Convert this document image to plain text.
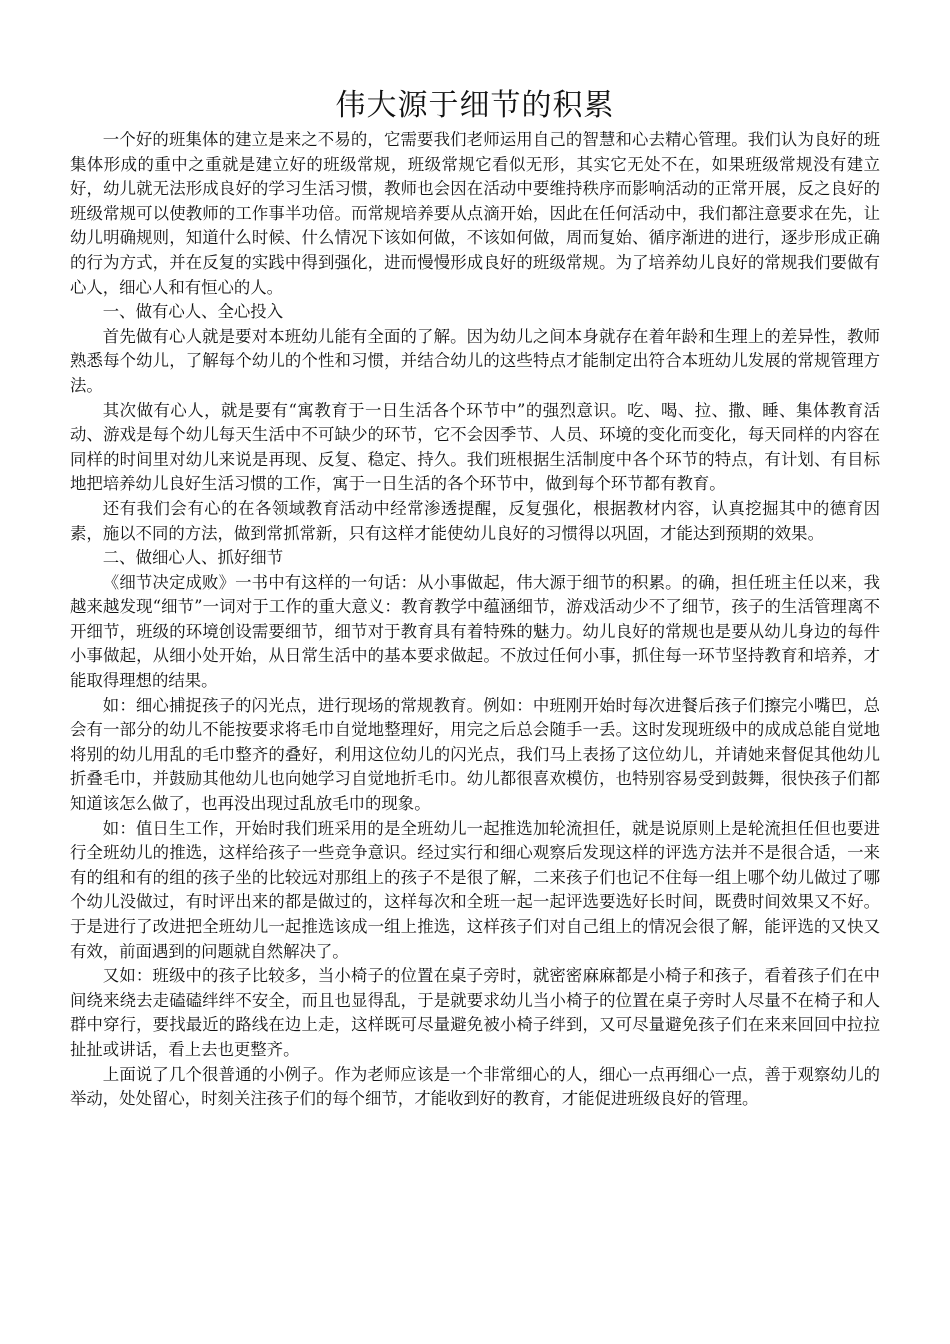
伟大源于细节的积累

一个好的班集体的建立是来之不易的，它需要我们老师运用自己的智慧和心去精心管理。我们认为良好的班集体形成的重中之重就是建立好的班级常规，班级常规它看似无形，其实它无处不在，如果班级常规没有建立好，幼儿就无法形成良好的学习生活习惯，教师也会因在活动中要维持秩序而影响活动的正常开展，反之良好的班级常规可以使教师的工作事半功倍。而常规培养要从点滴开始，因此在任何活动中，我们都注意要求在先，让幼儿明确规则，知道什么时候、什么情况下该如何做，不该如何做，周而复始、循序渐进的进行，逐步形成正确的行为方式，并在反复的实践中得到强化，进而慢慢形成良好的班级常规。为了培养幼儿良好的常规我们要做有心人，细心人和有恒心的人。

一、做有心人、全心投入

首先做有心人就是要对本班幼儿能有全面的了解。因为幼儿之间本身就存在着年龄和生理上的差异性，教师熟悉每个幼儿，了解每个幼儿的个性和习惯，并结合幼儿的这些特点才能制定出符合本班幼儿发展的常规管理方法。

其次做有心人，就是要有“寓教育于一日生活各个环节中”的强烈意识。吃、喝、拉、撒、睡、集体教育活动、游戏是每个幼儿每天生活中不可缺少的环节，它不会因季节、人员、环境的变化而变化，每天同样的内容在同样的时间里对幼儿来说是再现、反复、稳定、持久。我们班根据生活制度中各个环节的特点，有计划、有目标地把培养幼儿良好生活习惯的工作，寓于一日生活的各个环节中，做到每个环节都有教育。

还有我们会有心的在各领域教育活动中经常渗透提醒，反复强化，根据教材内容，认真挖掘其中的德育因素，施以不同的方法，做到常抓常新，只有这样才能使幼儿良好的习惯得以巩固，才能达到预期的效果。

二、做细心人、抓好细节

《细节决定成败》一书中有这样的一句话：从小事做起，伟大源于细节的积累。的确，担任班主任以来，我越来越发现“细节”一词对于工作的重大意义：教育教学中蕴涵细节，游戏活动少不了细节，孩子的生活管理离不开细节，班级的环境创设需要细节，细节对于教育具有着特殊的魅力。幼儿良好的常规也是要从幼儿身边的每件小事做起，从细小处开始，从日常生活中的基本要求做起。不放过任何小事，抓住每一环节坚持教育和培养，才能取得理想的结果。

如：细心捕捉孩子的闪光点，进行现场的常规教育。例如：中班刚开始时每次进餐后孩子们擦完小嘴巴，总会有一部分的幼儿不能按要求将毛巾自觉地整理好，用完之后总会随手一丢。这时发现班级中的成成总能自觉地将别的幼儿用乱的毛巾整齐的叠好，利用这位幼儿的闪光点，我们马上表扬了这位幼儿，并请她来督促其他幼儿折叠毛巾，并鼓励其他幼儿也向她学习自觉地折毛巾。幼儿都很喜欢模仿，也特别容易受到鼓舞，很快孩子们都知道该怎么做了，也再没出现过乱放毛巾的现象。

如：值日生工作，开始时我们班采用的是全班幼儿一起推选加轮流担任，就是说原则上是轮流担任但也要进行全班幼儿的推选，这样给孩子一些竞争意识。经过实行和细心观察后发现这样的评选方法并不是很合适，一来有的组和有的组的孩子坐的比较远对那组上的孩子不是很了解，二来孩子们也记不住每一组上哪个幼儿做过了哪个幼儿没做过，有时评出来的都是做过的，这样每次和全班一起一起评选要选好长时间，既费时间效果又不好。于是进行了改进把全班幼儿一起推选该成一组上推选，这样孩子们对自己组上的情况会很了解，能评选的又快又有效，前面遇到的问题就自然解决了。

又如：班级中的孩子比较多，当小椅子的位置在桌子旁时，就密密麻麻都是小椅子和孩子，看着孩子们在中间绕来绕去走磕磕绊绊不安全，而且也显得乱，于是就要求幼儿当小椅子的位置在桌子旁时人尽量不在椅子和人群中穿行，要找最近的路线在边上走，这样既可尽量避免被小椅子绊到，又可尽量避免孩子们在来来回回中拉拉扯扯或讲话，看上去也更整齐。

上面说了几个很普通的小例子。作为老师应该是一个非常细心的人，细心一点再细心一点，善于观察幼儿的举动，处处留心，时刻关注孩子们的每个细节，才能收到好的教育，才能促进班级良好的管理。
